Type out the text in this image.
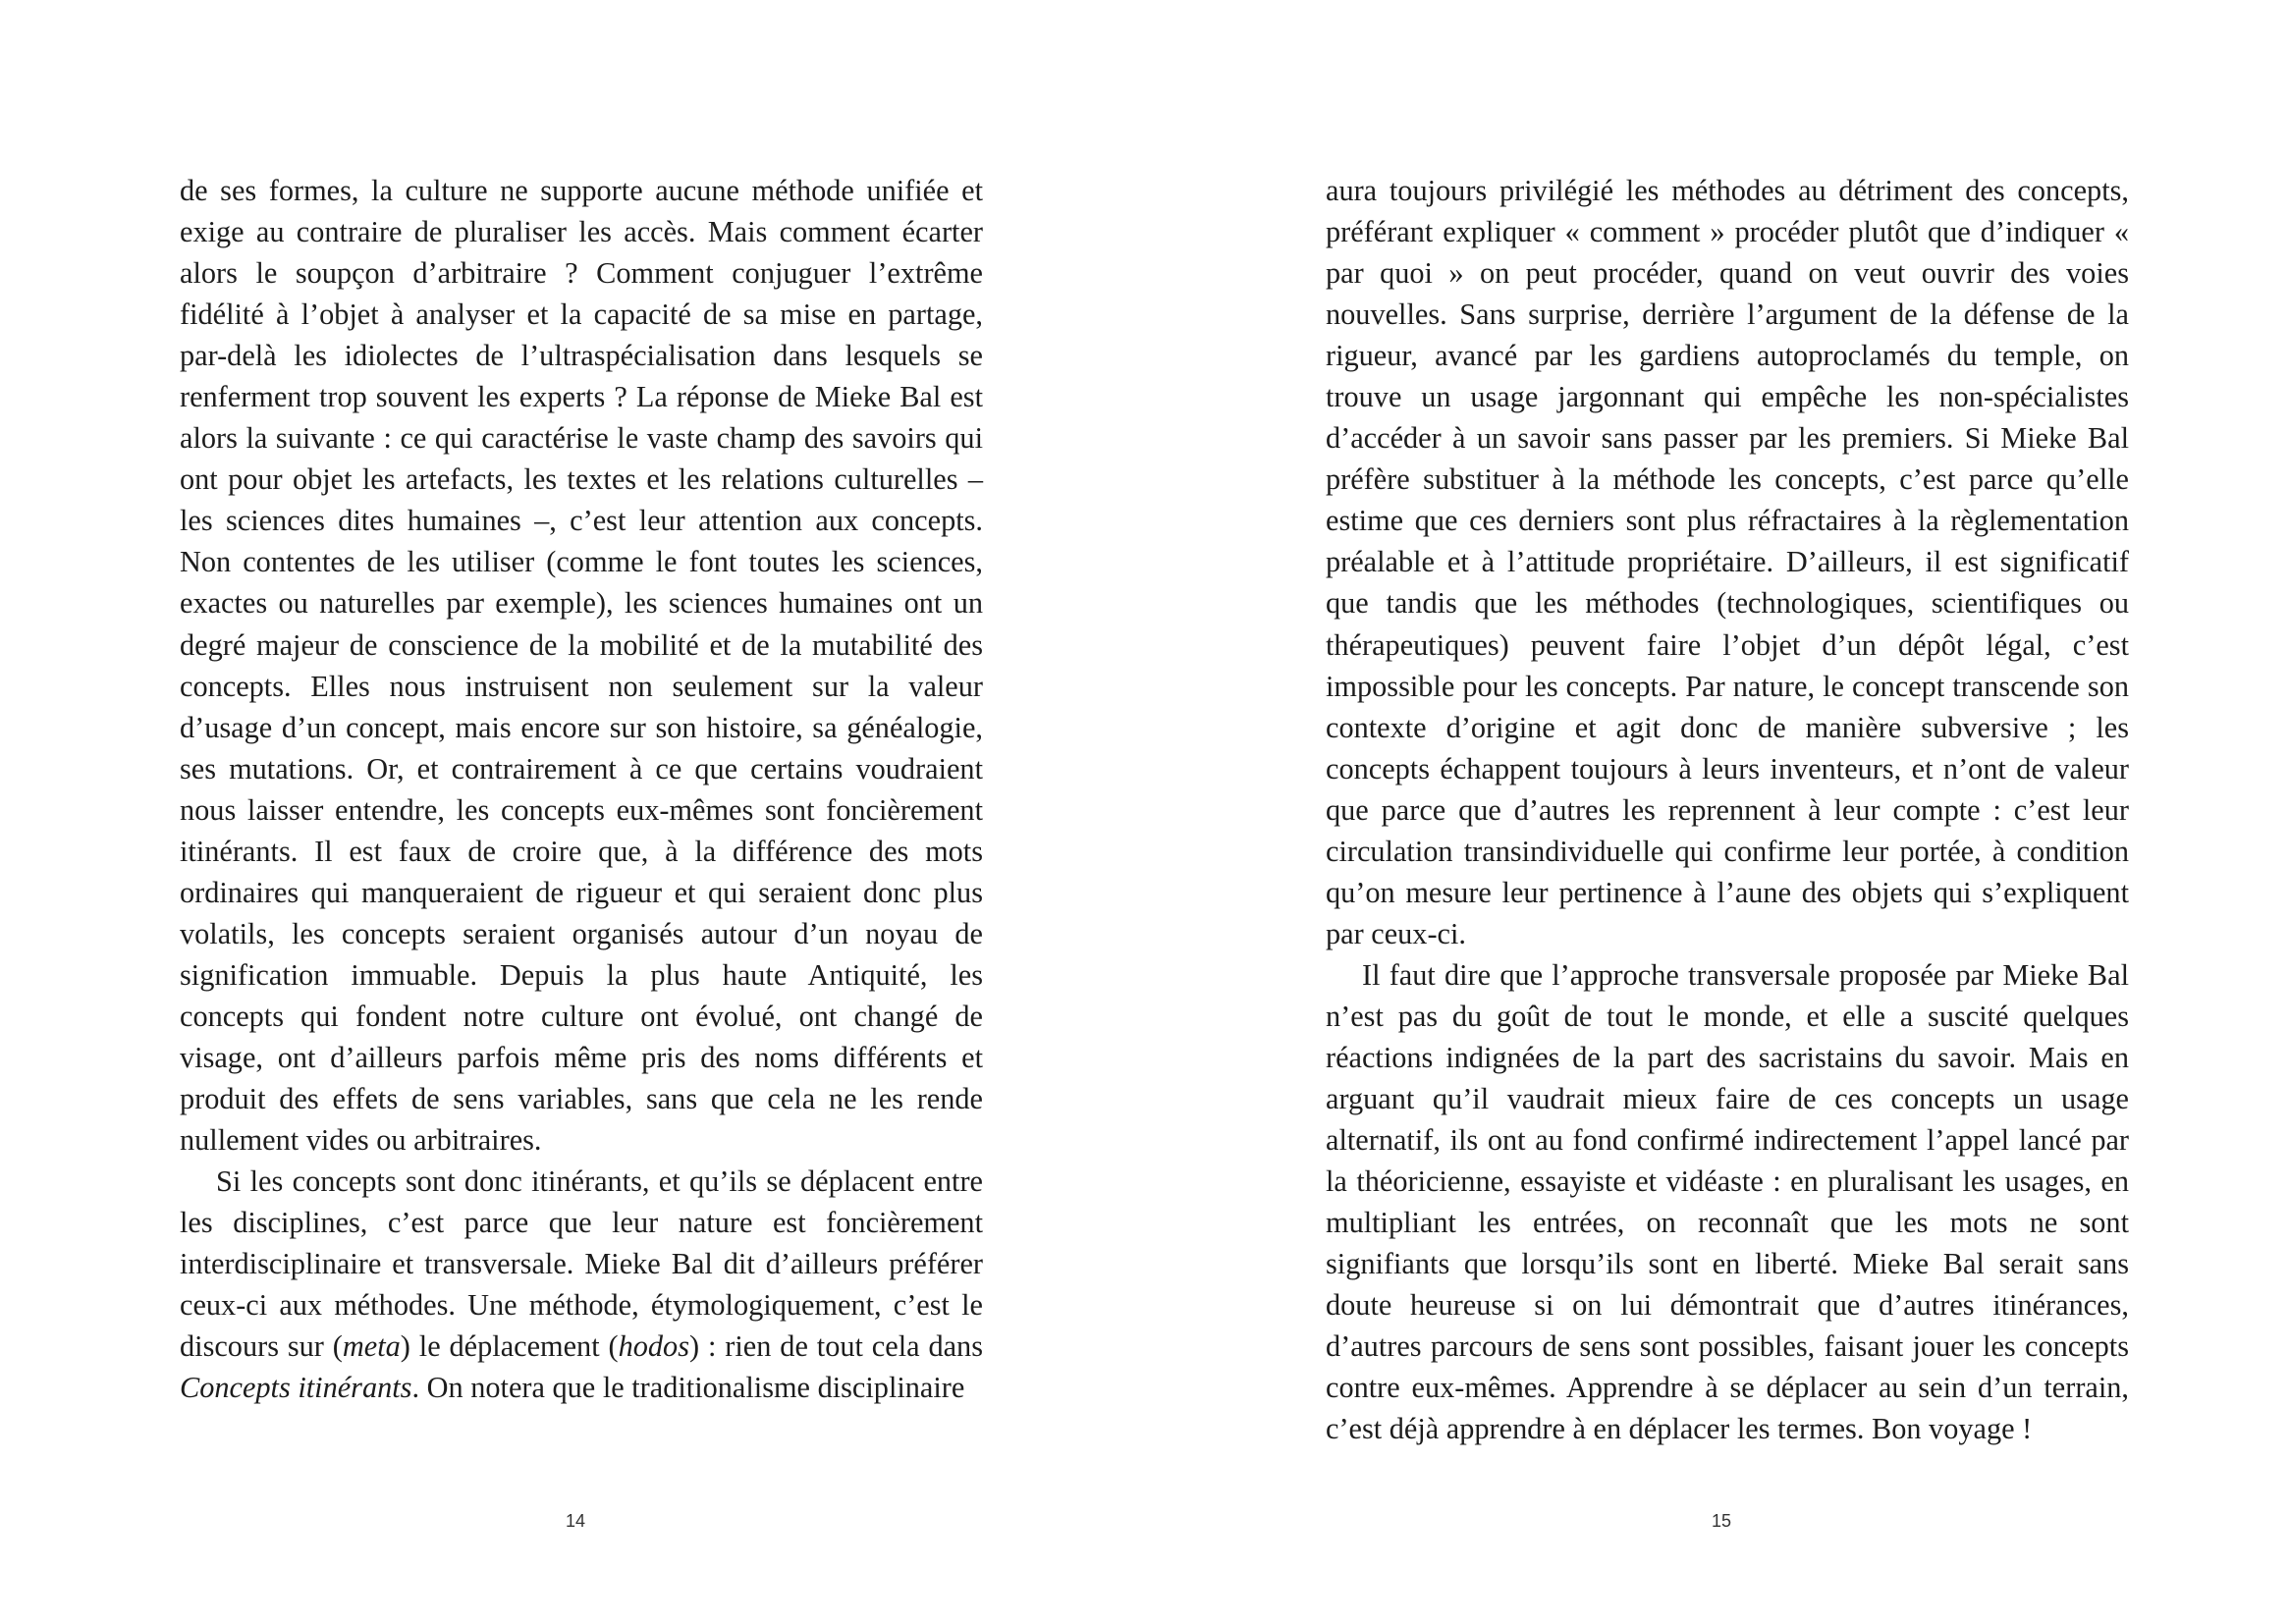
de ses formes, la culture ne supporte aucune méthode unifiée et exige au contraire de pluraliser les accès. Mais comment écarter alors le soupçon d’arbitraire ? Comment conjuguer l’extrême fidélité à l’objet à analyser et la capacité de sa mise en partage, par-delà les idiolectes de l’ultraspécialisation dans lesquels se renferment trop souvent les experts ? La réponse de Mieke Bal est alors la suivante : ce qui caractérise le vaste champ des savoirs qui ont pour objet les artefacts, les textes et les relations culturelles – les sciences dites humaines –, c’est leur attention aux concepts. Non contentes de les utiliser (comme le font toutes les sciences, exactes ou naturelles par exemple), les sciences humaines ont un degré majeur de conscience de la mobilité et de la mutabilité des concepts. Elles nous instruisent non seulement sur la valeur d’usage d’un concept, mais encore sur son histoire, sa généalogie, ses mutations. Or, et contrairement à ce que certains voudraient nous laisser entendre, les concepts eux-mêmes sont foncièrement itinérants. Il est faux de croire que, à la différence des mots ordinaires qui manqueraient de rigueur et qui seraient donc plus volatils, les concepts seraient organisés autour d’un noyau de signification immuable. Depuis la plus haute Antiquité, les concepts qui fondent notre culture ont évolué, ont changé de visage, ont d’ailleurs parfois même pris des noms différents et produit des effets de sens variables, sans que cela ne les rende nullement vides ou arbitraires.

Si les concepts sont donc itinérants, et qu’ils se déplacent entre les disciplines, c’est parce que leur nature est foncièrement interdisciplinaire et transversale. Mieke Bal dit d’ailleurs préférer ceux-ci aux méthodes. Une méthode, étymologiquement, c’est le discours sur (meta) le déplacement (hodos) : rien de tout cela dans Concepts itinérants. On notera que le traditionalisme disciplinaire

14

aura toujours privilégié les méthodes au détriment des concepts, préférant expliquer « comment » procéder plutôt que d’indiquer « par quoi » on peut procéder, quand on veut ouvrir des voies nouvelles. Sans surprise, derrière l’argument de la défense de la rigueur, avancé par les gardiens autoproclamés du temple, on trouve un usage jargonnant qui empêche les non-spécialistes d’accéder à un savoir sans passer par les premiers. Si Mieke Bal préfère substituer à la méthode les concepts, c’est parce qu’elle estime que ces derniers sont plus réfractaires à la règlementation préalable et à l’attitude propriétaire. D’ailleurs, il est significatif que tandis que les méthodes (technologiques, scientifiques ou thérapeutiques) peuvent faire l’objet d’un dépôt légal, c’est impossible pour les concepts. Par nature, le concept transcende son contexte d’origine et agit donc de manière subversive ; les concepts échappent toujours à leurs inventeurs, et n’ont de valeur que parce que d’autres les reprennent à leur compte : c’est leur circulation transindividuelle qui confirme leur portée, à condition qu’on mesure leur pertinence à l’aune des objets qui s’expliquent par ceux-ci.

Il faut dire que l’approche transversale proposée par Mieke Bal n’est pas du goût de tout le monde, et elle a suscité quelques réactions indignées de la part des sacristains du savoir. Mais en arguant qu’il vaudrait mieux faire de ces concepts un usage alternatif, ils ont au fond confirmé indirectement l’appel lancé par la théoricienne, essayiste et vidéaste : en pluralisant les usages, en multipliant les entrées, on reconnaît que les mots ne sont signifiants que lorsqu’ils sont en liberté. Mieke Bal serait sans doute heureuse si on lui démontrait que d’autres itinérances, d’autres parcours de sens sont possibles, faisant jouer les concepts contre eux-mêmes. Apprendre à se déplacer au sein d’un terrain, c’est déjà apprendre à en déplacer les termes. Bon voyage !

15
